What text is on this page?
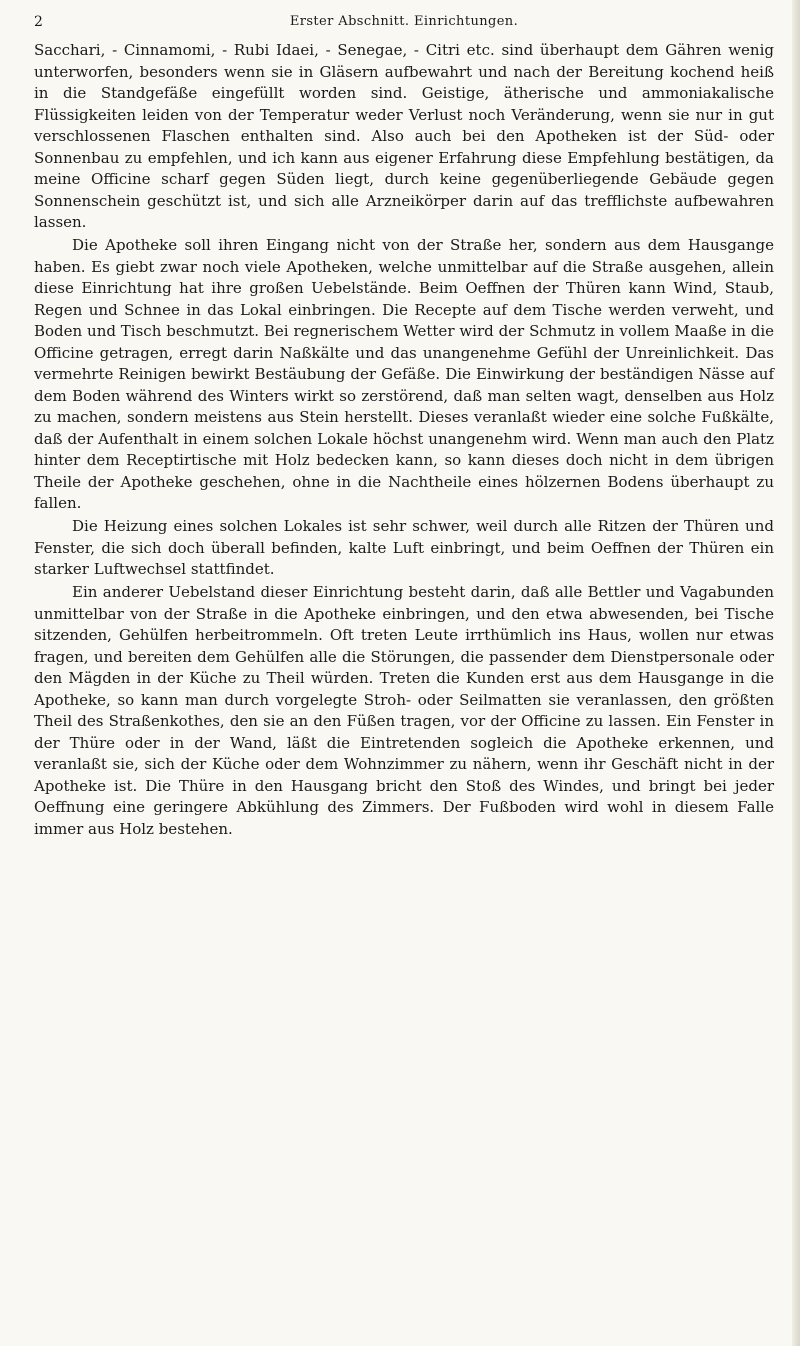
2	Erster Abschnitt. Einrichtungen.

Sacchari, - Cinnamomi, - Rubi Idaei, - Senegae, - Citri etc. sind überhaupt dem Gähren wenig unterworfen, besonders wenn sie in Gläsern aufbewahrt und nach der Bereitung kochend heiß in die Standgefäße eingefüllt worden sind. Geistige, ätherische und ammoniakalische Flüssigkeiten leiden von der Temperatur weder Verlust noch Veränderung, wenn sie nur in gut verschlossenen Flaschen enthalten sind. Also auch bei den Apotheken ist der Süd- oder Sonnenbau zu empfehlen, und ich kann aus eigener Erfahrung diese Empfehlung bestätigen, da meine Officine scharf gegen Süden liegt, durch keine gegenüberliegende Gebäude gegen Sonnenschein geschützt ist, und sich alle Arzneikörper darin auf das trefflichste aufbewahren lassen.

Die Apotheke soll ihren Eingang nicht von der Straße her, sondern aus dem Hausgange haben. Es giebt zwar noch viele Apotheken, welche unmittelbar auf die Straße ausgehen, allein diese Einrichtung hat ihre großen Uebelstände. Beim Oeffnen der Thüren kann Wind, Staub, Regen und Schnee in das Lokal einbringen. Die Recepte auf dem Tische werden verweht, und Boden und Tisch beschmutzt. Bei regnerischem Wetter wird der Schmutz in vollem Maaße in die Officine getragen, erregt darin Naßkälte und das unangenehme Gefühl der Unreinlichkeit. Das vermehrte Reinigen bewirkt Bestäubung der Gefäße. Die Einwirkung der beständigen Nässe auf dem Boden während des Winters wirkt so zerstörend, daß man selten wagt, denselben aus Holz zu machen, sondern meistens aus Stein herstellt. Dieses veranlaßt wieder eine solche Fußkälte, daß der Aufenthalt in einem solchen Lokale höchst unangenehm wird. Wenn man auch den Platz hinter dem Receptirtische mit Holz bedecken kann, so kann dieses doch nicht in dem übrigen Theile der Apotheke geschehen, ohne in die Nachtheile eines hölzernen Bodens überhaupt zu fallen.

Die Heizung eines solchen Lokales ist sehr schwer, weil durch alle Ritzen der Thüren und Fenster, die sich doch überall befinden, kalte Luft einbringt, und beim Oeffnen der Thüren ein starker Luftwechsel stattfindet.

Ein anderer Uebelstand dieser Einrichtung besteht darin, daß alle Bettler und Vagabunden unmittelbar von der Straße in die Apotheke einbringen, und den etwa abwesenden, bei Tische sitzenden, Gehülfen herbeitrommeln. Oft treten Leute irrthümlich ins Haus, wollen nur etwas fragen, und bereiten dem Gehülfen alle die Störungen, die passender dem Dienstpersonale oder den Mägden in der Küche zu Theil würden. Treten die Kunden erst aus dem Hausgange in die Apotheke, so kann man durch vorgelegte Stroh- oder Seilmatten sie veranlassen, den größten Theil des Straßenkothes, den sie an den Füßen tragen, vor der Officine zu lassen. Ein Fenster in der Thüre oder in der Wand, läßt die Eintretenden sogleich die Apotheke erkennen, und veranlaßt sie, sich der Küche oder dem Wohnzimmer zu nähern, wenn ihr Geschäft nicht in der Apotheke ist. Die Thüre in den Hausgang bricht den Stoß des Windes, und bringt bei jeder Oeffnung eine geringere Abkühlung des Zimmers. Der Fußboden wird wohl in diesem Falle immer aus Holz bestehen.
